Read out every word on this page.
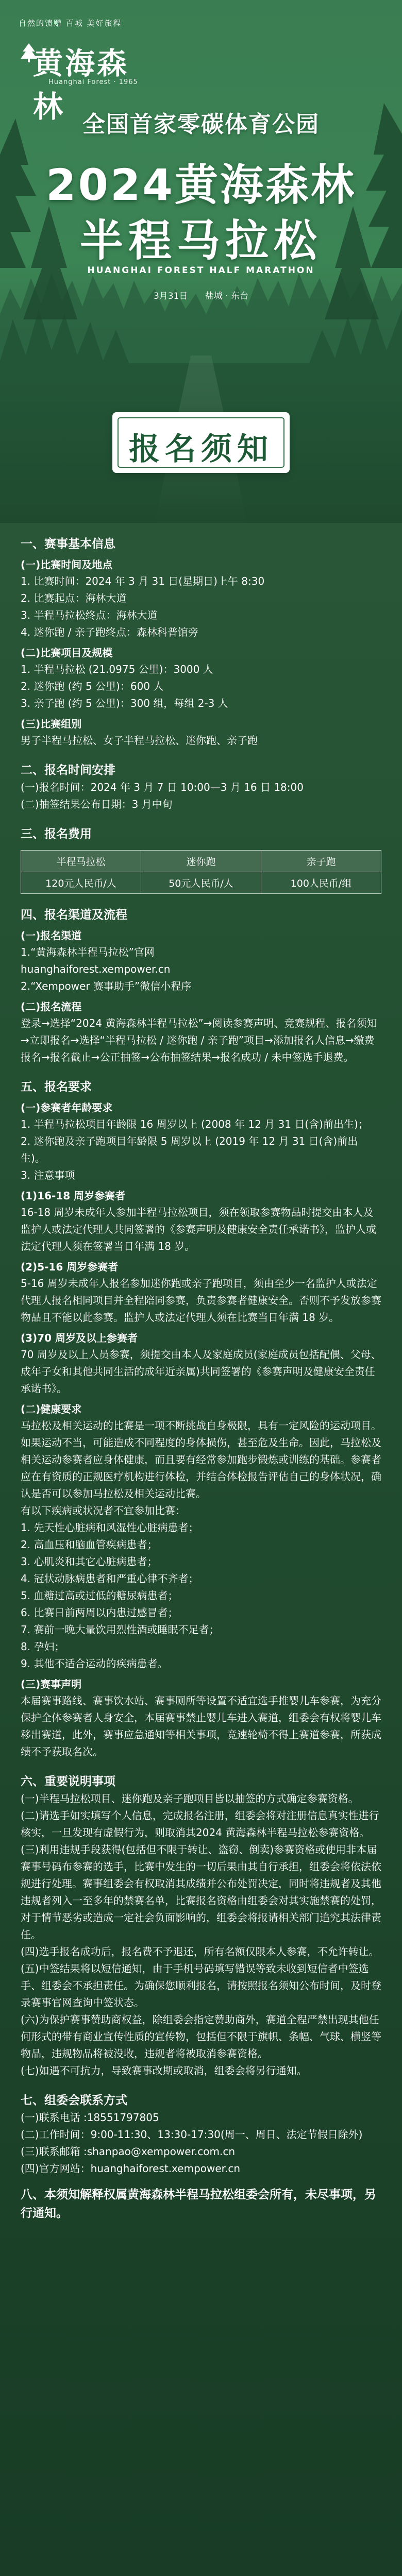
自然的馈赠 百城 美好旅程
黄海森林
Huanghai Forest · 1965
全国首家零碳体育公园
2024黄海森林
半程马拉松
HUANGHAI FOREST HALF MARATHON
3月31日 盐城 · 东台
报名须知
一、赛事基本信息
(一)比赛时间及地点
1. 比赛时间：2024 年 3 月 31 日(星期日)上午 8:30
2. 比赛起点：海林大道
3. 半程马拉松终点：海林大道
4. 迷你跑 / 亲子跑终点：森林科普馆旁
(二)比赛项目及规模
1. 半程马拉松 (21.0975 公里)：3000 人
2. 迷你跑 (约 5 公里)：600 人
3. 亲子跑 (约 5 公里)：300 组，每组 2-3 人
(三)比赛组别
男子半程马拉松、女子半程马拉松、迷你跑、亲子跑
二、报名时间安排
(一)报名时间：2024 年 3 月 7 日 10:00—3 月 16 日 18:00
(二)抽签结果公布日期：3 月中旬
三、报名费用
半程马拉松	迷你跑	亲子跑
120元人民币/人	50元人民币/人	100人民币/组
四、报名渠道及流程
(一)报名渠道
1.“黄海森林半程马拉松”官网
huanghaiforest.xempower.cn
2.“Xempower 赛事助手”微信小程序
(二)报名流程
登录→选择“2024 黄海森林半程马拉松”→阅读参赛声明、竞赛规程、报名须知→立即报名→选择“半程马拉松 / 迷你跑 / 亲子跑”项目→添加报名人信息→缴费报名→报名截止→公正抽签→公布抽签结果→报名成功 / 未中签选手退费。
五、报名要求
(一)参赛者年龄要求
1. 半程马拉松项目年龄限 16 周岁以上 (2008 年 12 月 31 日(含)前出生)；
2. 迷你跑及亲子跑项目年龄限 5 周岁以上 (2019 年 12 月 31 日(含)前出生)。
3. 注意事项
(1)16-18 周岁参赛者
16-18 周岁未成年人参加半程马拉松项目，须在领取参赛物品时提交由本人及监护人或法定代理人共同签署的《参赛声明及健康安全责任承诺书》，监护人或法定代理人须在签署当日年满 18 岁。
(2)5-16 周岁参赛者
5-16 周岁未成年人报名参加迷你跑或亲子跑项目，须由至少一名监护人或法定代理人报名相同项目并全程陪同参赛，负责参赛者健康安全。否则不予发放参赛物品且不能以此参赛。监护人或法定代理人须在比赛当日年满 18 岁。
(3)70 周岁及以上参赛者
70 周岁及以上人员参赛，须提交由本人及家庭成员(家庭成员包括配偶、父母、成年子女和其他共同生活的成年近亲属)共同签署的《参赛声明及健康安全责任承诺书》。
(二)健康要求
马拉松及相关运动的比赛是一项不断挑战自身极限，具有一定风险的运动项目。如果运动不当，可能造成不同程度的身体损伤，甚至危及生命。因此，马拉松及相关运动参赛者应身体健康，而且要有经常参加跑步锻炼或训练的基础。参赛者应在有资质的正规医疗机构进行体检，并结合体检报告评估自己的身体状况，确认是否可以参加马拉松及相关运动比赛。
有以下疾病或状况者不宜参加比赛：
1. 先天性心脏病和风湿性心脏病患者；
2. 高血压和脑血管疾病患者；
3. 心肌炎和其它心脏病患者；
4. 冠状动脉病患者和严重心律不齐者；
5. 血糖过高或过低的糖尿病患者；
6. 比赛日前两周以内患过感冒者；
7. 赛前一晚大量饮用烈性酒或睡眠不足者；
8. 孕妇；
9. 其他不适合运动的疾病患者。
(三)赛事声明
本届赛事路线、赛事饮水站、赛事厕所等设置不适宜选手推婴儿车参赛，为充分保护全体参赛者人身安全，本届赛事禁止婴儿车进入赛道，组委会有权将婴儿车移出赛道，此外，赛事应急通知等相关事项，竞速轮椅不得上赛道参赛，所获成绩不予获取名次。
六、重要说明事项
(一)半程马拉松项目、迷你跑及亲子跑项目皆以抽签的方式确定参赛资格。
(二)请选手如实填写个人信息，完成报名注册，组委会将对注册信息真实性进行核实，一旦发现有虚假行为，则取消其2024 黄海森林半程马拉松参赛资格。
(三)利用违规手段获得(包括但不限于转让、盗窃、倒卖)参赛资格或使用非本届赛事号码布参赛的选手，比赛中发生的一切后果由其自行承担，组委会将依法依规进行处理。赛事组委会有权取消其成绩并公布处罚决定，同时将违规者及其他违规者列入一至多年的禁赛名单，比赛报名资格由组委会对其实施禁赛的处罚，对于情节恶劣或造成一定社会负面影响的，组委会将报请相关部门追究其法律责任。
(四)选手报名成功后，报名费不予退还，所有名额仅限本人参赛，不允许转让。
(五)中签结果将以短信通知，由于手机号码填写错误等致未收到短信者中签选手、组委会不承担责任。为确保您顺利报名，请按照报名须知公布时间，及时登录赛事官网查询中签状态。
(六)为保护赛事赞助商权益，除组委会指定赞助商外，赛道全程严禁出现其他任何形式的带有商业宣传性质的宣传物，包括但不限于旗帜、条幅、气球、横竖等物品，违规物品将被没收，违规者将被取消参赛资格。
(七)如遇不可抗力，导致赛事改期或取消，组委会将另行通知。
七、组委会联系方式
(一)联系电话 :18551797805
(二)工作时间：9:00-11:30、13:30-17:30(周一、周日、法定节假日除外)
(三)联系邮箱 :shanpao@xempower.com.cn
(四)官方网站：huanghaiforest.xempower.cn
八、本须知解释权属黄海森林半程马拉松组委会所有，未尽事项，另行通知。
